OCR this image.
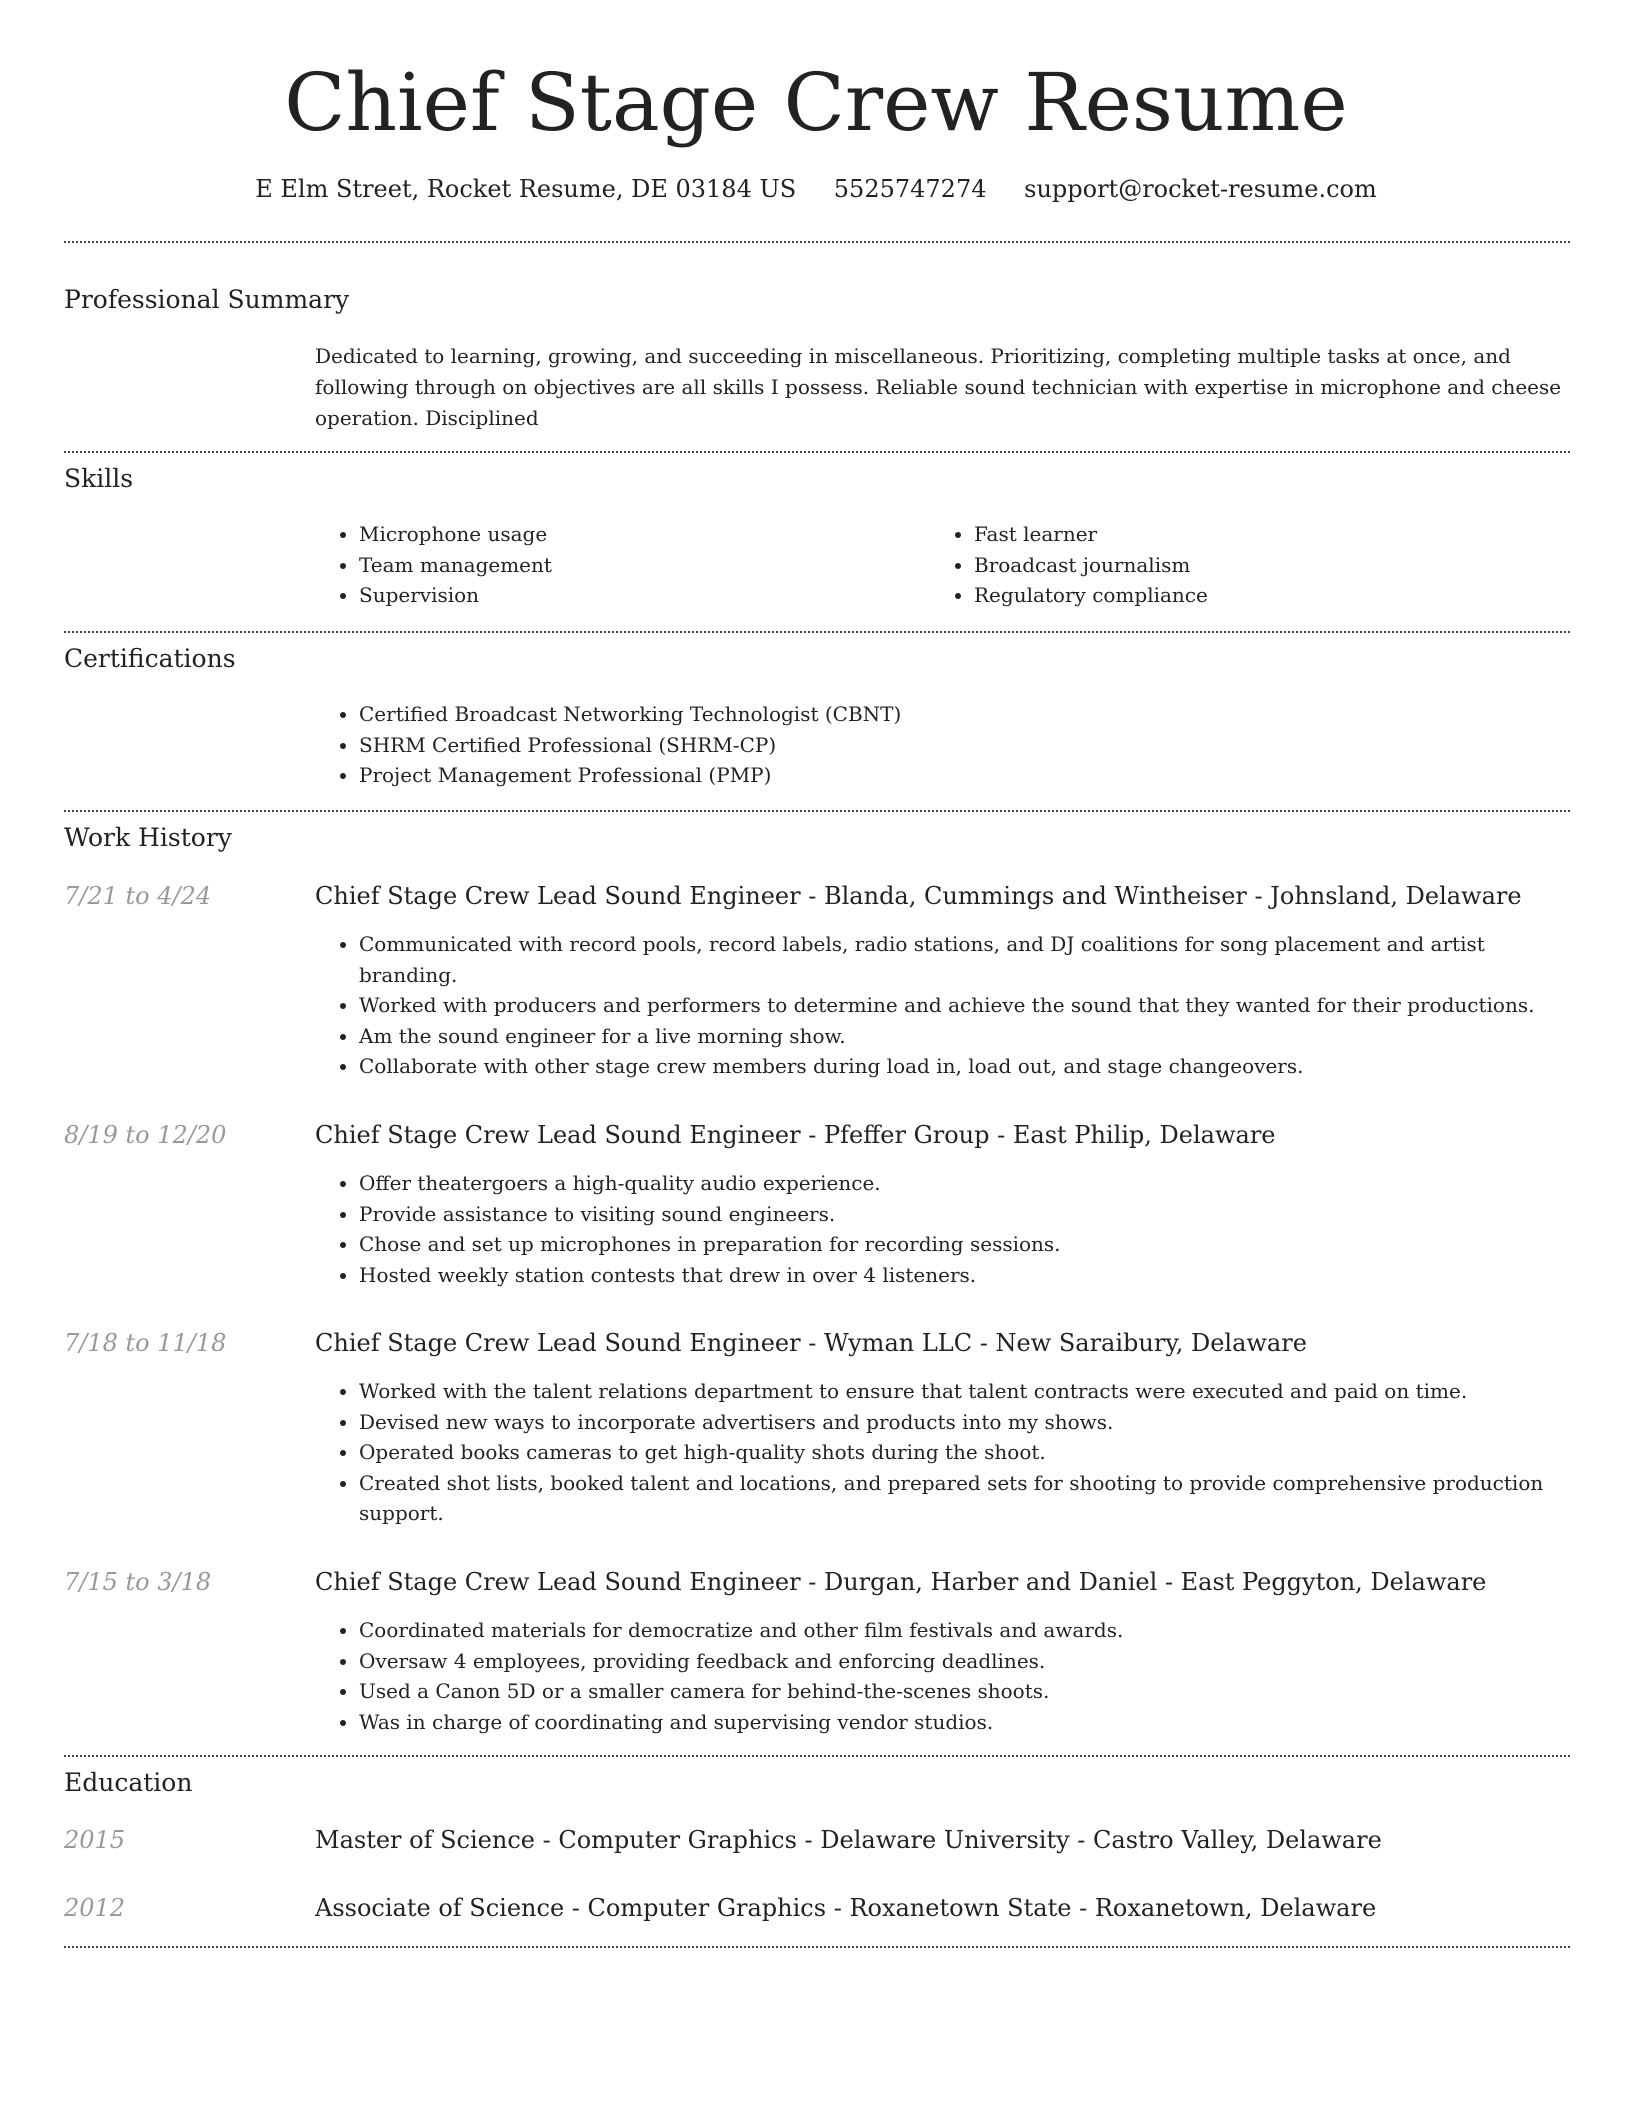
Chief Stage Crew Resume
E Elm Street, Rocket Resume, DE 03184 US 5525747274 support@rocket-resume.com
Professional Summary

Dedicated to learning, growing, and succeeding in miscellaneous. Prioritizing, completing multiple tasks at once, and following through on objectives are all skills I possess. Reliable sound technician with expertise in microphone and cheese operation. Disciplined

Skills
• Microphone usage
• Team management
• Supervision
• Fast learner
• Broadcast journalism
• Regulatory compliance
Certifications
• Certified Broadcast Networking Technologist (CBNT)
• SHRM Certified Professional (SHRM-CP)
• Project Management Professional (PMP)
Work History
7/21 to 4/24	Chief Stage Crew Lead Sound Engineer - Blanda, Cummings and Wintheiser - Johnsland, Delaware
• Communicated with record pools, record labels, radio stations, and DJ coalitions for song placement and artist branding.
• Worked with producers and performers to determine and achieve the sound that they wanted for their productions.
• Am the sound engineer for a live morning show.
• Collaborate with other stage crew members during load in, load out, and stage changeovers.
8/19 to 12/20	Chief Stage Crew Lead Sound Engineer - Pfeffer Group - East Philip, Delaware
• Offer theatergoers a high-quality audio experience.
• Provide assistance to visiting sound engineers.
• Chose and set up microphones in preparation for recording sessions.
• Hosted weekly station contests that drew in over 4 listeners.
7/18 to 11/18	Chief Stage Crew Lead Sound Engineer - Wyman LLC - New Saraibury, Delaware
• Worked with the talent relations department to ensure that talent contracts were executed and paid on time.
• Devised new ways to incorporate advertisers and products into my shows.
• Operated books cameras to get high-quality shots during the shoot.
• Created shot lists, booked talent and locations, and prepared sets for shooting to provide comprehensive production support.
7/15 to 3/18	Chief Stage Crew Lead Sound Engineer - Durgan, Harber and Daniel - East Peggyton, Delaware
• Coordinated materials for democratize and other film festivals and awards.
• Oversaw 4 employees, providing feedback and enforcing deadlines.
• Used a Canon 5D or a smaller camera for behind-the-scenes shoots.
• Was in charge of coordinating and supervising vendor studios.
Education
2015	Master of Science - Computer Graphics - Delaware University - Castro Valley, Delaware
2012	Associate of Science - Computer Graphics - Roxanetown State - Roxanetown, Delaware
